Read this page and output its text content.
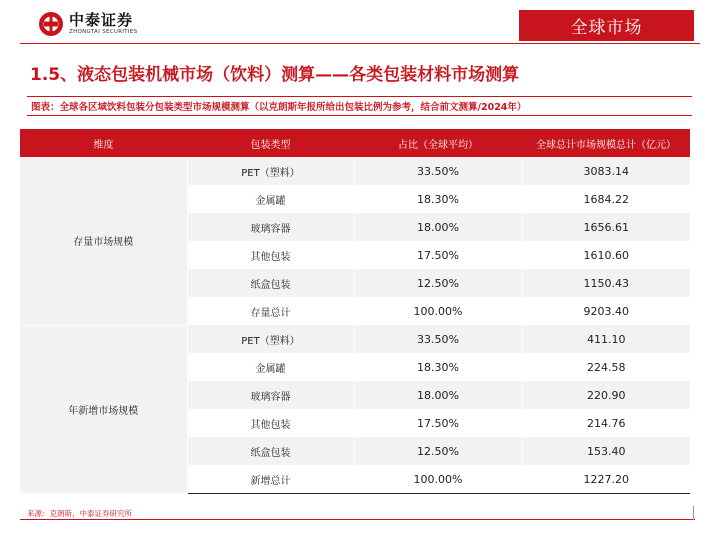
中泰证券
ZHONGTAI SECURITIES	全球市场
1.5、液态包装机械市场（饮料）测算——各类包装材料市场测算
图表：全球各区域饮料包装分包装类型市场规模测算（以克朗斯年报所给出包装比例为参考，结合前文测算/2024年）
维度	包装类型	占比（全球平均）	全球总计市场规模总计（亿元）
存量市场规模	PET（塑料）	33.50%	3083.14
	金属罐	18.30%	1684.22
	玻璃容器	18.00%	1656.61
	其他包装	17.50%	1610.60
	纸盒包装	12.50%	1150.43
	存量总计	100.00%	9203.40
年新增市场规模	PET（塑料）	33.50%	411.10
	金属罐	18.30%	224.58
	玻璃容器	18.00%	220.90
	其他包装	17.50%	214.76
	纸盒包装	12.50%	153.40
	新增总计	100.00%	1227.20
来源：克朗斯，中泰证券研究所
